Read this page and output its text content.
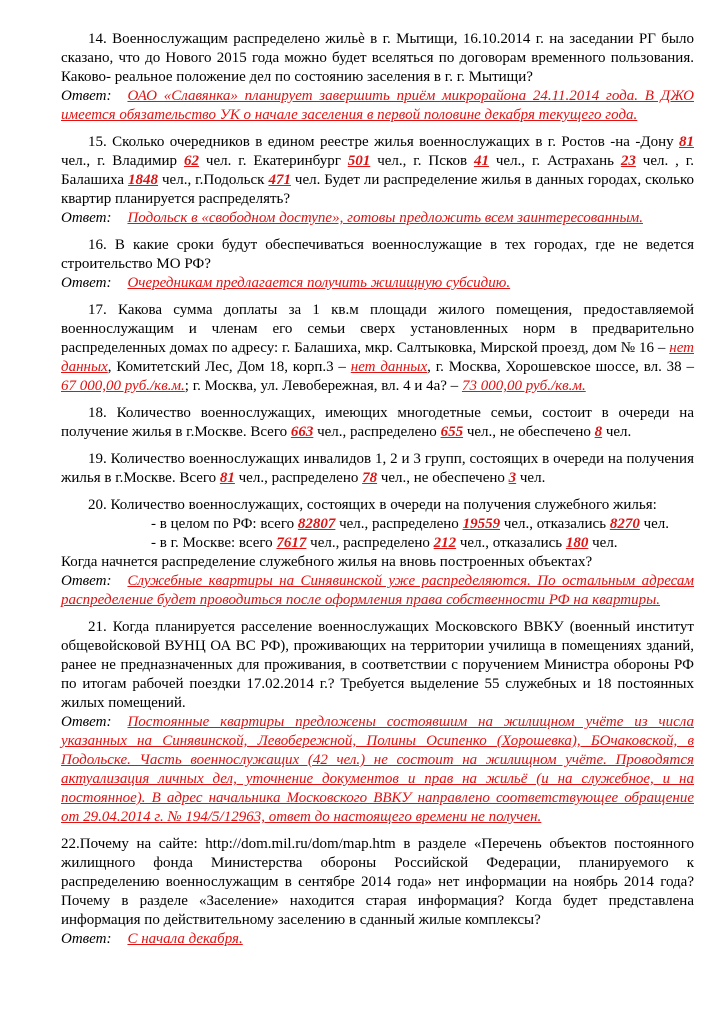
14. Военнослужащим распределено жильѐ в г. Мытищи, 16.10.2014 г. на заседании РГ было сказано, что до Нового 2015 года можно будет вселяться по договорам временного пользования. Каково- реальное положение дел по состоянию заселения в г. г. Мытищи?

Ответ: ОАО «Славянка» планирует завершить приём микрорайона 24.11.2014 года. В ДЖО имеется обязательство УК о начале заселения в первой половине декабря текущего года.

15. Сколько очередников в едином реестре жилья военнослужащих в г. Ростов -на -Дону 81 чел., г. Владимир 62 чел. г. Екатеринбург 501 чел., г. Псков 41 чел., г. Астрахань 23 чел. , г. Балашиха 1848 чел., г.Подольск 471 чел. Будет ли распределение жилья в данных городах, сколько квартир планируется распределять?

Ответ: Подольск в «свободном доступе», готовы предложить всем заинтересованным.

16. В какие сроки будут обеспечиваться военнослужащие в тех городах, где не ведется строительство МО РФ?

Ответ: Очередникам предлагается получить жилищную субсидию.

17. Какова сумма доплаты за 1 кв.м площади жилого помещения, предоставляемой военнослужащим и членам его семьи сверх установленных норм в предварительно распределенных домах по адресу: г. Балашиха, мкр. Салтыковка, Мирской проезд, дом № 16 – нет данных, Комитетский Лес, Дом 18, корп.3 – нет данных, г. Москва, Хорошевское шоссе, вл. 38 – 67 000,00 руб./кв.м.; г. Москва, ул. Левобережная, вл. 4 и 4а? – 73 000,00 руб./кв.м.

18. Количество военнослужащих, имеющих многодетные семьи, состоит в очереди на получение жилья в г.Москве. Всего 663 чел., распределено 655 чел., не обеспечено 8 чел.

19. Количество военнослужащих инвалидов 1, 2 и 3 групп, состоящих в очереди на получения жилья в г.Москве. Всего 81 чел., распределено 78 чел., не обеспечено 3 чел.

20. Количество военнослужащих, состоящих в очереди на получения служебного жилья:

- в целом по РФ: всего 82807 чел., распределено 19559 чел., отказались 8270 чел.

- в г. Москве: всего 7617 чел., распределено 212 чел., отказались 180 чел.

Когда начнется распределение служебного жилья на вновь построенных объектах?

Ответ: Служебные квартиры на Синявинской уже распределяются. По остальным адресам распределение будет проводиться после оформления права собственности РФ на квартиры.

21. Когда планируется расселение военнослужащих Московского ВВКУ (военный институт общевойсковой ВУНЦ ОА ВС РФ), проживающих на территории училища в помещениях зданий, ранее не предназначенных для проживания, в соответствии с поручением Министра обороны РФ по итогам рабочей поездки 17.02.2014 г.? Требуется выделение 55 служебных и 18 постоянных жилых помещений.

Ответ: Постоянные квартиры предложены состоявшим на жилищном учёте из числа указанных на Синявинской, Левобережной, Полины Осипенко (Хорошевка), БОчаковской, в Подольске. Часть военнослужащих (42 чел.) не состоит на жилищном учёте. Проводятся актуализация личных дел, уточнение документов и прав на жильё (и на служебное, и на постоянное). В адрес начальника Московского ВВКУ направлено соответствующее обращение от 29.04.2014 г. № 194/5/12963, ответ до настоящего времени не получен.

22.Почему на сайте: http://dom.mil.ru/dom/map.htm в разделе «Перечень объектов постоянного жилищного фонда Министерства обороны Российской Федерации, планируемого к распределению военнослужащим в сентябре 2014 года» нет информации на ноябрь 2014 года? Почему в разделе «Заселение» находится старая информация? Когда будет представлена информация по действительному заселению в сданный жилые комплексы?

Ответ: С начала декабря.
